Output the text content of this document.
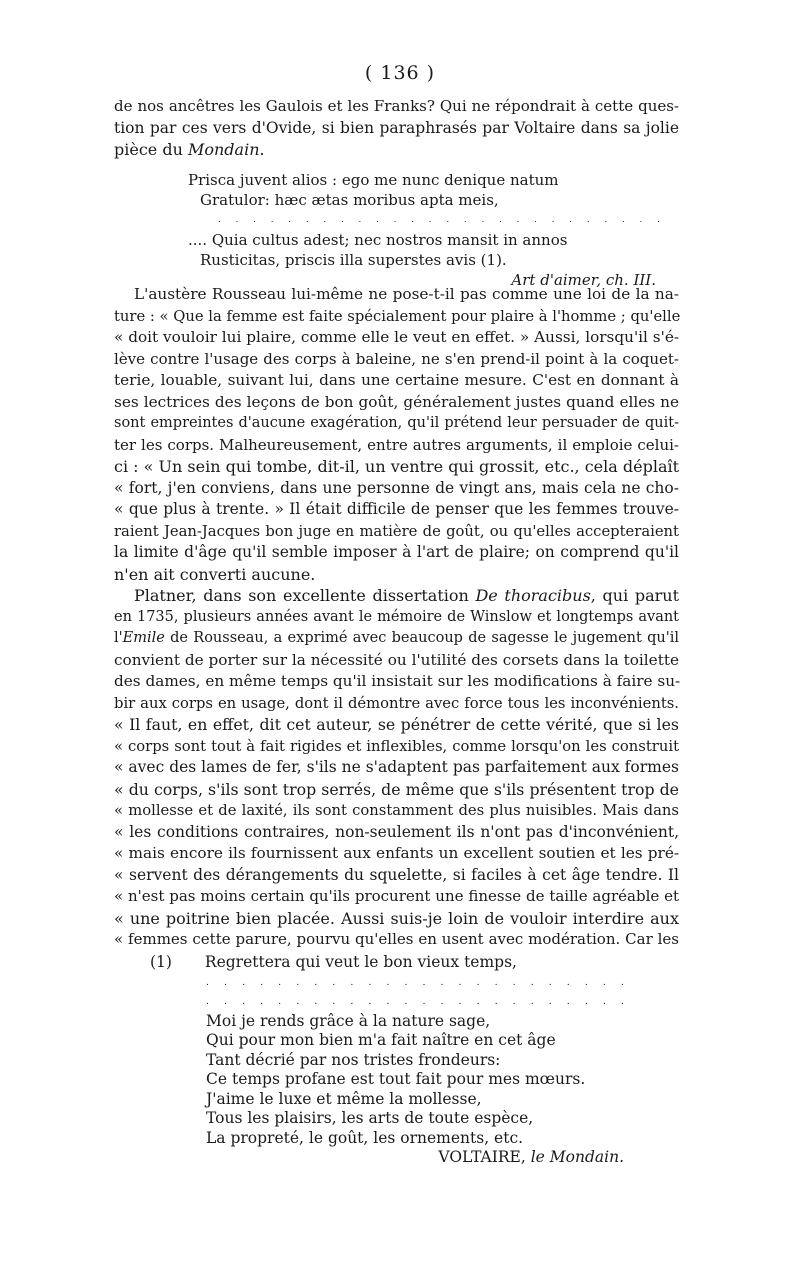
( 136 )
de nos ancêtres les Gaulois et les Franks? Qui ne répondrait à cette ques-
tion par ces vers d'Ovide, si bien paraphrasés par Voltaire dans sa jolie
pièce du Mondain.
Prisca juvent alios : ego me nunc denique natum
Gratulor: hæc ætas moribus apta meis,
. . . . . . . . . . . . . . . . . . . . . . . . . .
.... Quia cultus adest; nec nostros mansit in annos
Rusticitas, priscis illa superstes avis (1).
Art d'aimer, ch. III.
L'austère Rousseau lui-même ne pose-t-il pas comme une loi de la na-
ture : « Que la femme est faite spécialement pour plaire à l'homme ; qu'elle
« doit vouloir lui plaire, comme elle le veut en effet. » Aussi, lorsqu'il s'é-
lève contre l'usage des corps à baleine, ne s'en prend-il point à la coquet-
terie, louable, suivant lui, dans une certaine mesure. C'est en donnant à
ses lectrices des leçons de bon goût, généralement justes quand elles ne
sont empreintes d'aucune exagération, qu'il prétend leur persuader de quit-
ter les corps. Malheureusement, entre autres arguments, il emploie celui-
ci : « Un sein qui tombe, dit-il, un ventre qui grossit, etc., cela déplaît
« fort, j'en conviens, dans une personne de vingt ans, mais cela ne cho-
« que plus à trente. » Il était difficile de penser que les femmes trouve-
raient Jean-Jacques bon juge en matière de goût, ou qu'elles accepteraient
la limite d'âge qu'il semble imposer à l'art de plaire; on comprend qu'il
n'en ait converti aucune.
Platner, dans son excellente dissertation De thoracibus, qui parut
en 1735, plusieurs années avant le mémoire de Winslow et longtemps avant
l'Emile de Rousseau, a exprimé avec beaucoup de sagesse le jugement qu'il
convient de porter sur la nécessité ou l'utilité des corsets dans la toilette
des dames, en même temps qu'il insistait sur les modifications à faire su-
bir aux corps en usage, dont il démontre avec force tous les inconvénients.
« Il faut, en effet, dit cet auteur, se pénétrer de cette vérité, que si les
« corps sont tout à fait rigides et inflexibles, comme lorsqu'on les construit
« avec des lames de fer, s'ils ne s'adaptent pas parfaitement aux formes
« du corps, s'ils sont trop serrés, de même que s'ils présentent trop de
« mollesse et de laxité, ils sont constamment des plus nuisibles. Mais dans
« les conditions contraires, non-seulement ils n'ont pas d'inconvénient,
« mais encore ils fournissent aux enfants un excellent soutien et les pré-
« servent des dérangements du squelette, si faciles à cet âge tendre. Il
« n'est pas moins certain qu'ils procurent une finesse de taille agréable et
« une poitrine bien placée. Aussi suis-je loin de vouloir interdire aux
« femmes cette parure, pourvu qu'elles en usent avec modération. Car les
(1) Regrettera qui veut le bon vieux temps,
. . . . . . . . . . . . . . . . . . . . . . . .
. . . . . . . . . . . . . . . . . . . . . . . .
Moi je rends grâce à la nature sage,
Qui pour mon bien m'a fait naître en cet âge
Tant décrié par nos tristes frondeurs:
Ce temps profane est tout fait pour mes mœurs.
J'aime le luxe et même la mollesse,
Tous les plaisirs, les arts de toute espèce,
La propreté, le goût, les ornements, etc.
VOLTAIRE, le Mondain.
